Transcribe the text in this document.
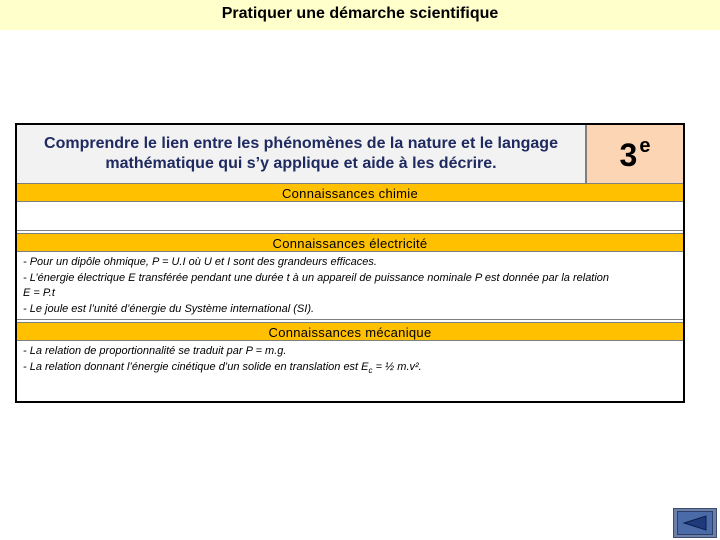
Pratiquer une démarche scientifique
Comprendre le lien entre les phénomènes de la nature et le langage mathématique qui s’y applique et aide à les décrire.	3 $^e$
Connaissances chimie
Connaissances électricité
- Pour un dipôle ohmique, P = U.I où U et I sont des grandeurs efficaces.
- L’énergie électrique E transférée pendant une durée t à un appareil de puissance nominale P est donnée par la relation
E = P.t
- Le joule est l’unité d’énergie du Système international (SI).
Connaissances mécanique
- La relation de proportionnalité se traduit par P = m.g.
- La relation donnant l’énergie cinétique d’un solide en translation est $E_c$ = ½ m.v².
